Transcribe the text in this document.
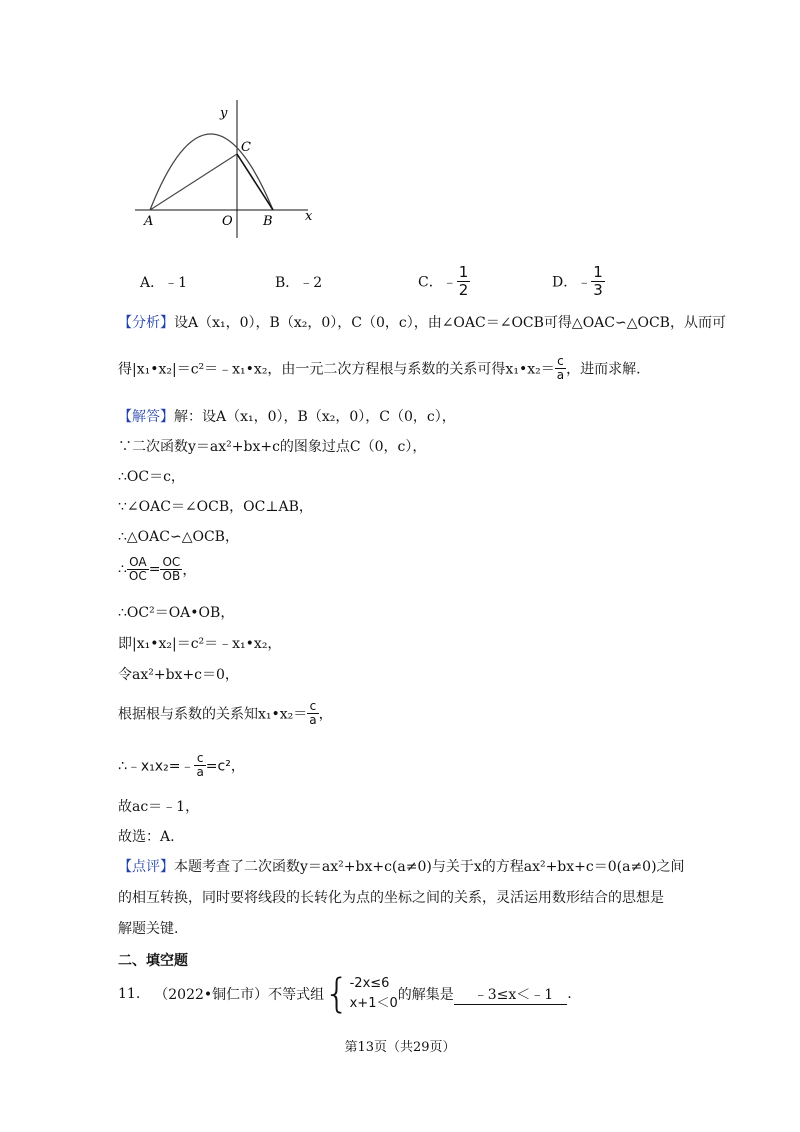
y
C
A	O B x
A．﹣1	B．﹣2	C．﹣ $\frac{1}{2}$	D．﹣ $\frac{1}{3}$
【分析】设A（x₁，0），B（x₂，0），C（0，c），由∠OAC＝∠OCB可得△OAC∽△OCB，从而可
得|x₁•x₂|＝c²＝﹣x₁•x₂，由一元二次方程根与系数的关系可得x₁•x₂＝ $\frac{c}{a}$ ，进而求解.
【解答】解：设A（x₁，0），B（x₂，0），C（0，c），
∵二次函数y＝ax²+bx+c的图象过点C（0，c），
∴OC＝c，
∵∠OAC＝∠OCB，OC⊥AB，
∴△OAC∽△OCB，
∴ $\frac{OA}{OC} = \frac{OC}{OB}$ ，
∴OC²＝OA•OB，
即|x₁•x₂|＝c²＝﹣x₁•x₂，
令ax²+bx+c＝0，
根据根与系数的关系知x₁•x₂＝ $\frac{c}{a}$ ，
∴﹣x₁x₂=﹣ $\frac{c}{a} =c^2$，
故ac＝﹣1，
故选：A.
【点评】本题考查了二次函数y＝ax²+bx+c(a≠0)与关于x的方程ax²+bx+c＝0(a≠0)之间
的相互转换，同时要将线段的长转化为点的坐标之间的关系，灵活运用数形结合的思想是
解题关键.
二、填空题
11. （2022•铜仁市）不等式组{ -2x≤6
x+1＜0
的解集是 ﹣3≤x＜﹣1 .
第13页（共29页）
